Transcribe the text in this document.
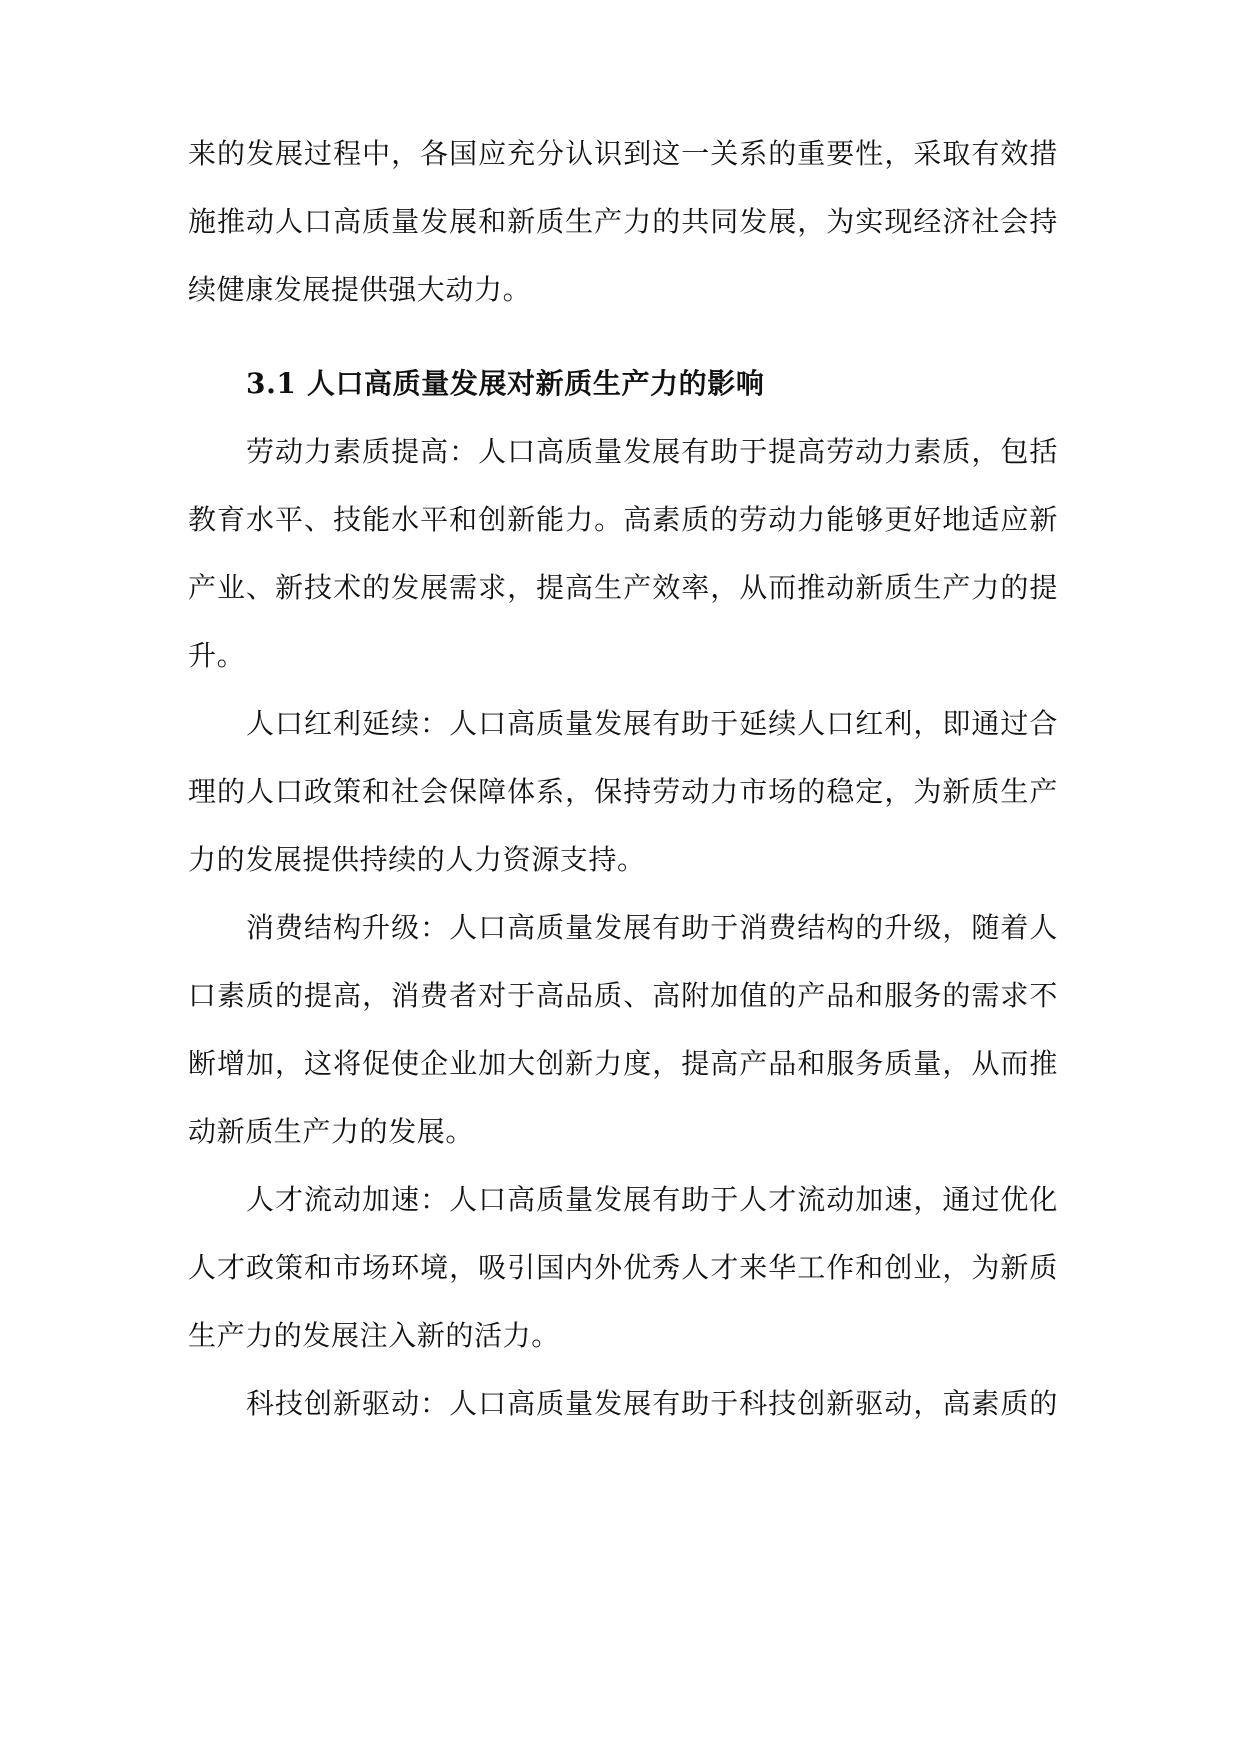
来的发展过程中，各国应充分认识到这一关系的重要性，采取有效措
施推动人口高质量发展和新质生产力的共同发展，为实现经济社会持
续健康发展提供强大动力。
3.1 人口高质量发展对新质生产力的影响
劳动力素质提高：人口高质量发展有助于提高劳动力素质，包括
教育水平、技能水平和创新能力。高素质的劳动力能够更好地适应新
产业、新技术的发展需求，提高生产效率，从而推动新质生产力的提
升。
人口红利延续：人口高质量发展有助于延续人口红利，即通过合
理的人口政策和社会保障体系，保持劳动力市场的稳定，为新质生产
力的发展提供持续的人力资源支持。
消费结构升级：人口高质量发展有助于消费结构的升级，随着人
口素质的提高，消费者对于高品质、高附加值的产品和服务的需求不
断增加，这将促使企业加大创新力度，提高产品和服务质量，从而推
动新质生产力的发展。
人才流动加速：人口高质量发展有助于人才流动加速，通过优化
人才政策和市场环境，吸引国内外优秀人才来华工作和创业，为新质
生产力的发展注入新的活力。
科技创新驱动：人口高质量发展有助于科技创新驱动，高素质的
